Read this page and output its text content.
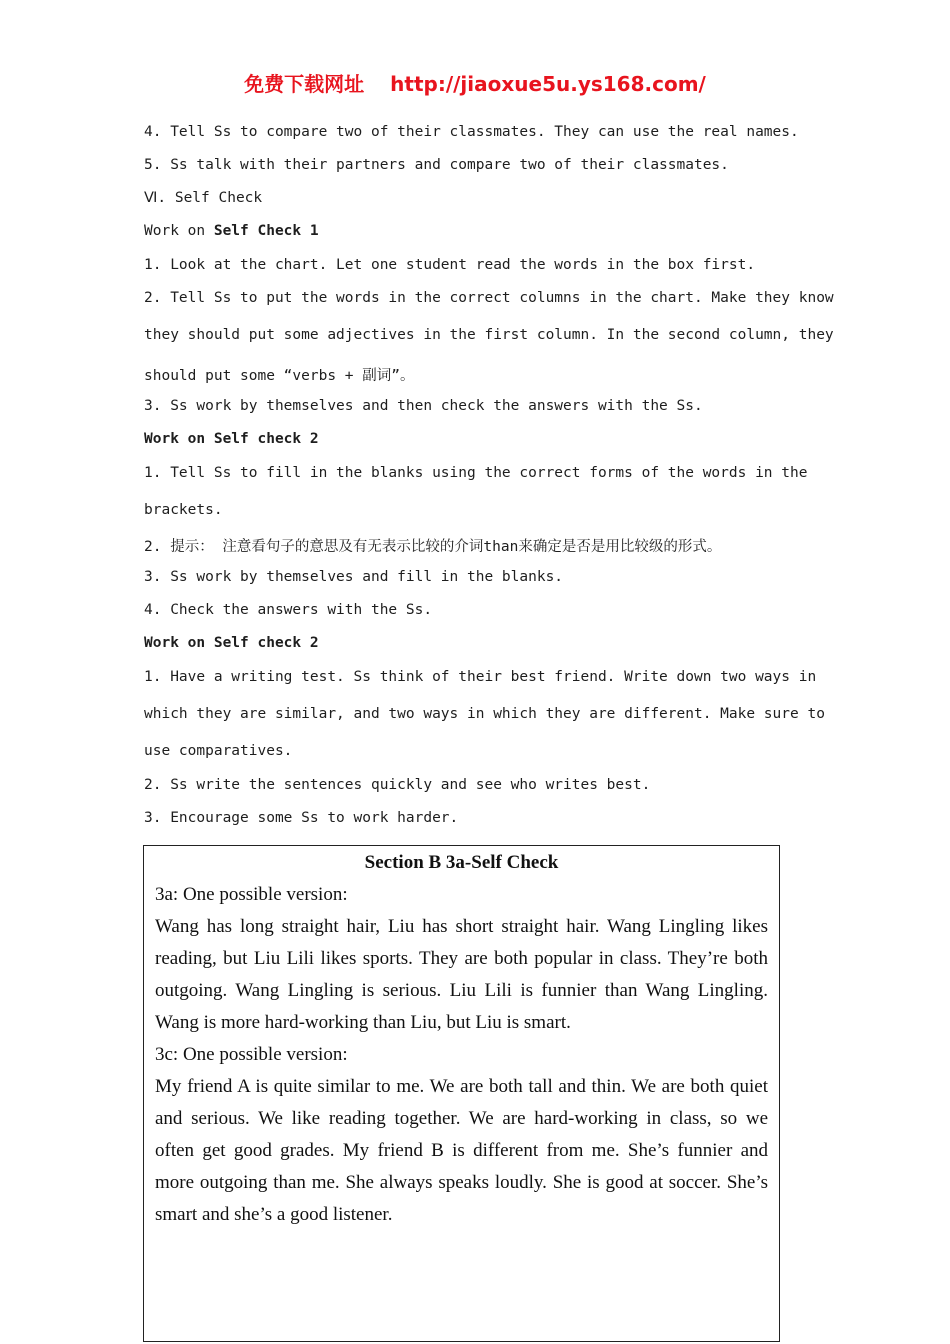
免费下载网址 http://jiaoxue5u.ys168.com/
4. Tell Ss to compare two of their classmates. They can use the real names.
5. Ss talk with their partners and compare two of their classmates.
Ⅵ. Self Check
Work on Self Check 1
1. Look at the chart. Let one student read the words in the box first.
2. Tell Ss to put the words in the correct columns in the chart. Make they know
they should put some adjectives in the first column. In the second column, they
should put some “verbs + 副词”。
3. Ss work by themselves and then check the answers with the Ss.
Work on Self check 2
1. Tell Ss to fill in the blanks using the correct forms of the words in the
brackets.
2. 提示： 注意看句子的意思及有无表示比较的介词than来确定是否是用比较级的形式。
3. Ss work by themselves and fill in the blanks.
4. Check the answers with the Ss.
Work on Self check 2
1. Have a writing test. Ss think of their best friend. Write down two ways in
which they are similar, and two ways in which they are different. Make sure to
use comparatives.
2. Ss write the sentences quickly and see who writes best.
3. Encourage some Ss to work harder.
Section B 3a-Self Check
3a: One possible version:
Wang has long straight hair, Liu has short straight hair. Wang Lingling likes
reading, but Liu Lili likes sports. They are both popular in class. They’re both
outgoing. Wang Lingling is serious. Liu Lili is funnier than Wang Lingling.
Wang is more hard-working than Liu, but Liu is smart.
3c: One possible version:
My friend A is quite similar to me. We are both tall and thin. We are both quiet
and serious. We like reading together. We are hard-working in class, so we
often get good grades. My friend B is different from me. She’s funnier and
more outgoing than me. She always speaks loudly. She is good at soccer. She’s
smart and she’s a good listener.
